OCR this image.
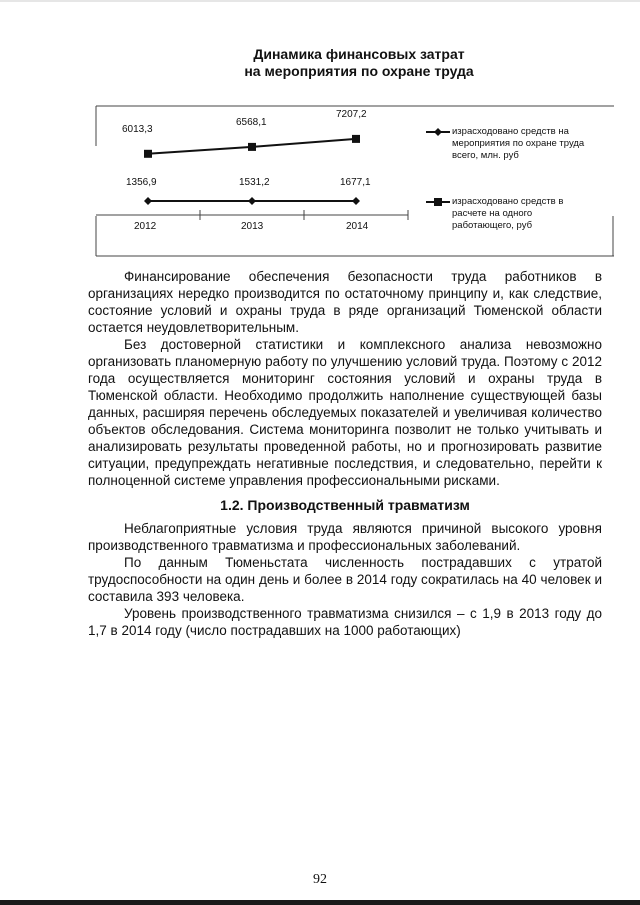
Динамика финансовых затрат
на мероприятия по охране труда
6013,3
6568,1
7207,2
1356,9	1531,2	1677,1
2012	2013	2014
израсходовано средств на
мероприятия по охране труда
всего, млн. руб
израсходовано средств в
расчете на одного
работающего, руб

Финансирование обеспечения безопасности труда работников в организациях нередко производится по остаточному принципу и, как следствие, состояние условий и охраны труда в ряде организаций Тюменской области остается неудовлетворительным.

Без достоверной статистики и комплексного анализа невозможно организовать планомерную работу по улучшению условий труда. Поэтому с 2012 года осуществляется мониторинг состояния условий и охраны труда в Тюменской области. Необходимо продолжить наполнение существующей базы данных, расширяя перечень обследуемых показателей и увеличивая количество объектов обследования. Система мониторинга позволит не только учитывать и анализировать результаты проведенной работы, но и прогнозировать развитие ситуации, предупреждать негативные последствия, и следовательно, перейти к полноценной системе управления профессиональными рисками.

1.2. Производственный травматизм

Неблагоприятные условия труда являются причиной высокого уровня производственного травматизма и профессиональных заболеваний.

По данным Тюменьстата численность пострадавших с утратой трудоспособности на один день и более в 2014 году сократилась на 40 человек и составила 393 человека.

Уровень производственного травматизма снизился – с 1,9 в 2013 году до 1,7 в 2014 году (число пострадавших на 1000 работающих)

92
